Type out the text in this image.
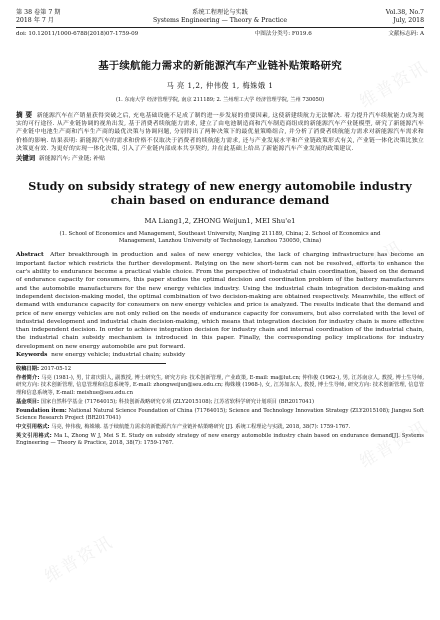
第 38 卷第 7 期	系统工程理论与实践	Vol.38, No.7
2018 年 7 月	Systems Engineering — Theory & Practice	July, 2018
doi: 10.12011/1000-6788(2018)07-1759-09	中图法分类号: F019.6	文献标志码: A
基于续航能力需求的新能源汽车产业链补贴策略研究
马 亮 1,2, 仲伟俊 1, 梅姝娥 1
(1. 东南大学 经济管理学院, 南京 211189; 2. 兰州理工大学 经济管理学院, 兰州 730050)
摘 要 新能源汽车在产销量获得突破之后, 充电基础设施不足成了制约进一步发展的重要因素, 这使新建续航力无法解决. 着力提升汽车续航能力成为现实的可行途径. 从产业链协调的视角出发, 基于消费者续航能力需求, 建立了由电池制造商和汽车制造商组成的新能源汽车产业链模型, 研究了新能源汽车产业链中电池生产商和汽车生产商的最优决策与协调问题, 分别得出了两种决策下的最优量策略组合, 并分析了消费者续航能力需求对新能源汽车需求和价格的影响. 结果表明: 新能源汽车的需求和价格不仅取决于消费者的续航能力需求, 还与产业发展水平和产业链政策形式有关, 产业链一体化决策比独立决策更有效. 为更好的实现一体化决策, 引入了产业链内部成本共享契约, 并在此基础上给出了新能源汽车产业发展的政策建议.
关键词 新能源汽车; 产业链; 补贴
Study on subsidy strategy of new energy automobile industry chain based on endurance demand
MA Liang1,2, ZHONG Weijun1, MEI Shu'e1
(1. School of Economics and Management, Southeast University, Nanjing 211189, China; 2. School of Economics and Management, Lanzhou University of Technology, Lanzhou 730050, China)
Abstract After breakthrough in production and sales of new energy vehicles, the lack of charging infrastructure has become an important factor which restricts the further development. Relying on the new short-term can not be resolved, efforts to enhance the car's ability to endurance become a practical viable choice. From the perspective of industrial chain coordination, based on the demand of endurance capacity for consumers, this paper studies the optimal decision and coordination problem of the battery manufacturers and the automobile manufacturers for the new energy vehicles industry. Using the industrial chain integration decision-making and independent decision-making model, the optimal combination of two decision-making are obtained respectively. Meanwhile, the effect of demand with endurance capacity for consumers on new energy vehicles and price is analyzed. The results indicate that the demand and price of new energy vehicles are not only relied on the needs of endurance capacity for consumers, but also correlated with the level of industrial development and industrial chain decision-making, which means that integration decision for industry chain is more effective than independent decision. In order to achieve integration decision for industry chain and internal coordination of the industrial chain, the industrial chain subsidy mechanism is introduced in this paper. Finally, the corresponding policy implications for industry development on new energy automobile are put forward.
Keywords new energy vehicle; industrial chain; subsidy
收稿日期: 2017-05-12
作者简介: 马亮 (1981-), 男, 甘肃庆阳人, 副教授, 博士研究生, 研究方向: 技术创新管理, 产业政策, E-mail: ma@lut.cn; 仲伟俊 (1962-), 男, 江苏南京人, 教授, 博士生导师, 研究方向: 技术创新管理, 信息管理和信息系统等, E-mail: zhongweijun@seu.edu.cn; 梅姝娥 (1968-), 女, 江苏如东人, 教授, 博士生导师, 研究方向: 技术创新管理, 信息管理和信息系统等, E-mail: meishue@seu.edu.cn
基金项目: 国家自然科学基金 (71764015); 科技创新战略研究专项 (ZLY2015108); 江苏省软科学研究计划项目 (BR2017041)
Foundation item: National Natural Science Foundation of China (71764015); Science and Technology Innovation Strategy (ZLY2015108); Jiangsu Soft Science Research Project (BR2017041)
中文引用格式: 马亮, 仲伟俊, 梅姝娥. 基于续航能力需求的新能源汽车产业链补贴策略研究 [J]. 系统工程理论与实践, 2018, 38(7): 1759-1767.
英文引用格式: Ma L, Zhong W J, Mei S E. Study on subsidy strategy of new energy automobile industry chain based on endurance demand[J]. Systems Engineering — Theory & Practice, 2018, 38(7): 1759-1767.
维普资讯
维普资讯
维普资讯
维普资讯
